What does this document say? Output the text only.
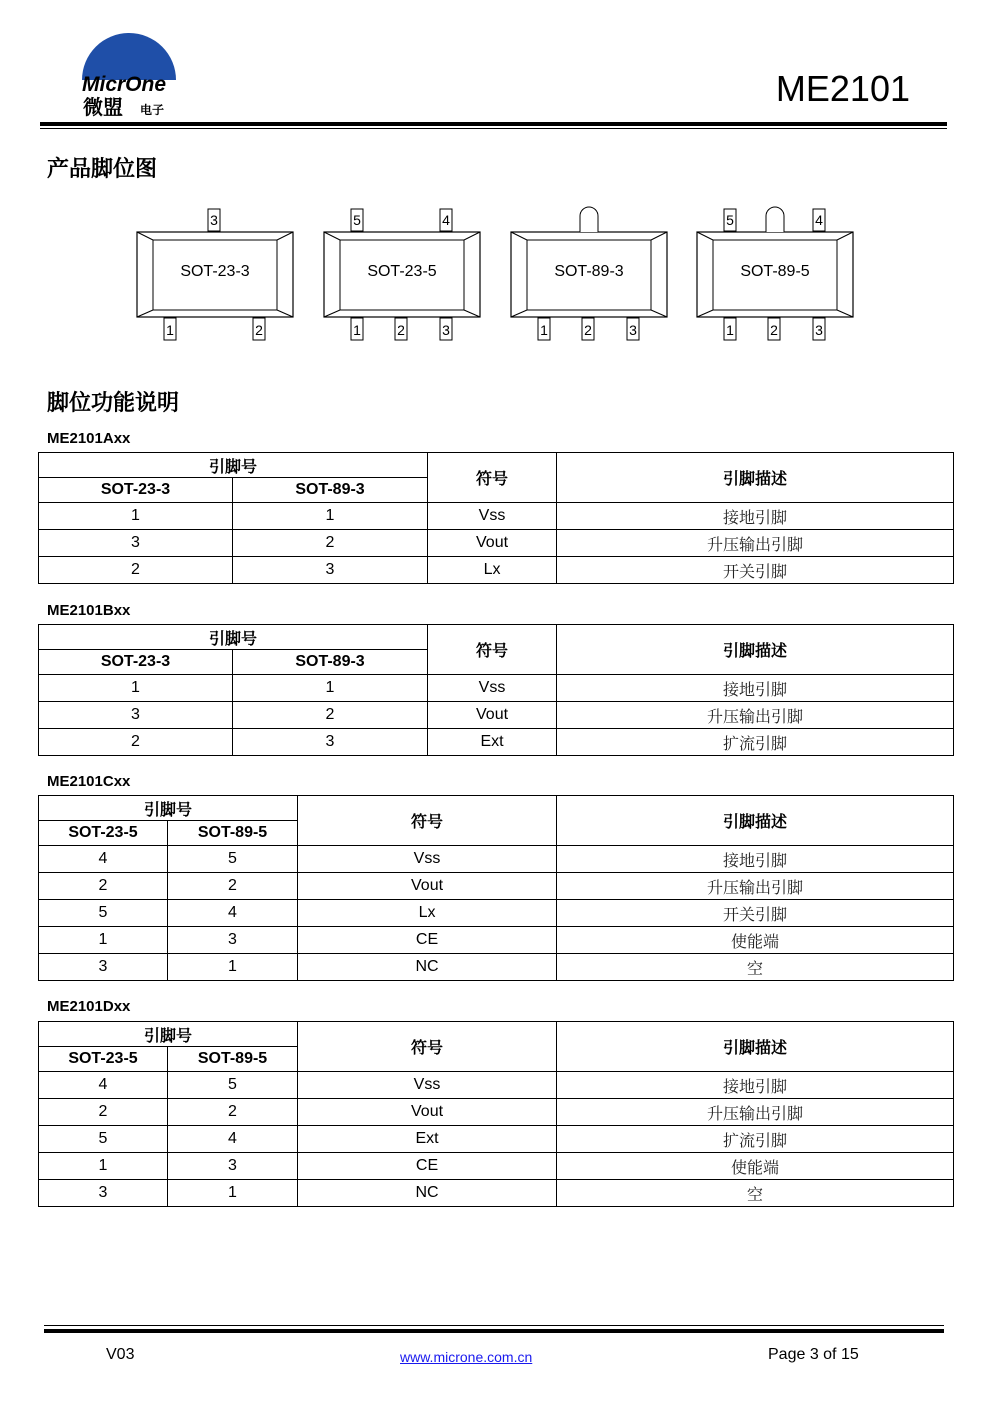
MicrOne
微盟 电子
ME2101
产品脚位图
SOT-23-3
1	2
3
SOT-23-5
1	2	3
5	4
SOT-89-3
1	2	3
SOT-89-5
1	2	3
5	4
脚位功能说明
ME2101Axx
引脚号		符号	引脚描述
SOT-23-3	SOT-89-3		
1	1	Vss	接地引脚
3	2	Vout	升压输出引脚
2	3	Lx	开关引脚
ME2101Bxx
引脚号		符号	引脚描述
SOT-23-3	SOT-89-3		
1	1	Vss	接地引脚
3	2	Vout	升压输出引脚
2	3	Ext	扩流引脚
ME2101Cxx
引脚号		符号	引脚描述
SOT-23-5	SOT-89-5		
4	5	Vss	接地引脚
2	2	Vout	升压输出引脚
5	4	Lx	开关引脚
1	3	CE	使能端
3	1	NC	空
ME2101Dxx
引脚号		符号	引脚描述
SOT-23-5	SOT-89-5		
4	5	Vss	接地引脚
2	2	Vout	升压输出引脚
5	4	Ext	扩流引脚
1	3	CE	使能端
3	1	NC	空
V03	www.microne.com.cn	Page 3 of 15
